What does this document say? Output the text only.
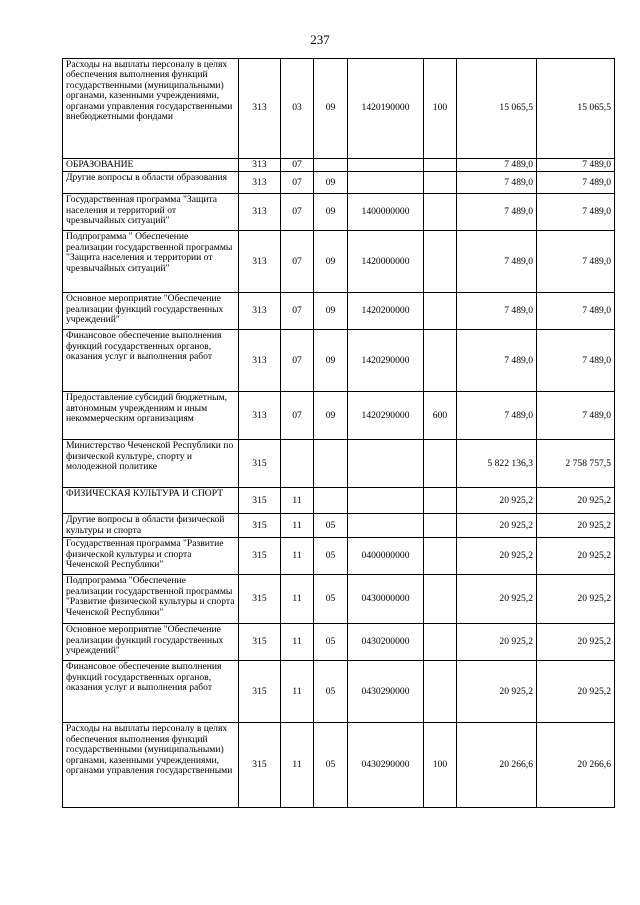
237
Расходы на выплаты персоналу в целях обеспечения выполнения функций государственными (муниципальными) органами, казенными учреждениями, органами управления государственными внебюджетными фондами	313	03	09	1420190000	100	15 065,5	15 065,5
ОБРАЗОВАНИЕ	313	07				7 489,0	7 489,0
Другие вопросы в области образования	313	07	09			7 489,0	7 489,0
Государственная программа "Защита населения и территорий от чрезвычайных ситуаций"	313	07	09	1400000000		7 489,0	7 489,0
Подпрограмма " Обеспечение реализации государственной программы "Защита населения и территории от чрезвычайных ситуаций"	313	07	09	1420000000		7 489,0	7 489,0
Основное мероприятие "Обеспечение реализации функций государственных учреждений"	313	07	09	1420200000		7 489,0	7 489,0
Финансовое обеспечение выполнения функций государственных органов, оказания услуг и выполнения работ	313	07	09	1420290000		7 489,0	7 489,0
Предоставление субсидий бюджетным, автономным учреждениям и иным некоммерческим организациям	313	07	09	1420290000	600	7 489,0	7 489,0
Министерство Чеченской Республики по физической культуре, спорту и молодежной политике	315					5 822 136,3	2 758 757,5
ФИЗИЧЕСКАЯ КУЛЬТУРА И СПОРТ	315	11				20 925,2	20 925,2
Другие вопросы в области физической культуры и спорта	315	11	05			20 925,2	20 925,2
Государственная программа "Развитие физической культуры и спорта Чеченской Республики"	315	11	05	0400000000		20 925,2	20 925,2
Подпрограмма "Обеспечение реализации государственной программы "Развитие физической культуры и спорта Чеченской Республики"	315	11	05	0430000000		20 925,2	20 925,2
Основное мероприятие "Обеспечение реализации функций государственных учреждений"	315	11	05	0430200000		20 925,2	20 925,2
Финансовое обеспечение выполнения функций государственных органов, оказания услуг и выполнения работ	315	11	05	0430290000		20 925,2	20 925,2
Расходы на выплаты персоналу в целях обеспечения выполнения функций государственными (муниципальными) органами, казенными учреждениями, органами управления государственными	315	11	05	0430290000	100	20 266,6	20 266,6
